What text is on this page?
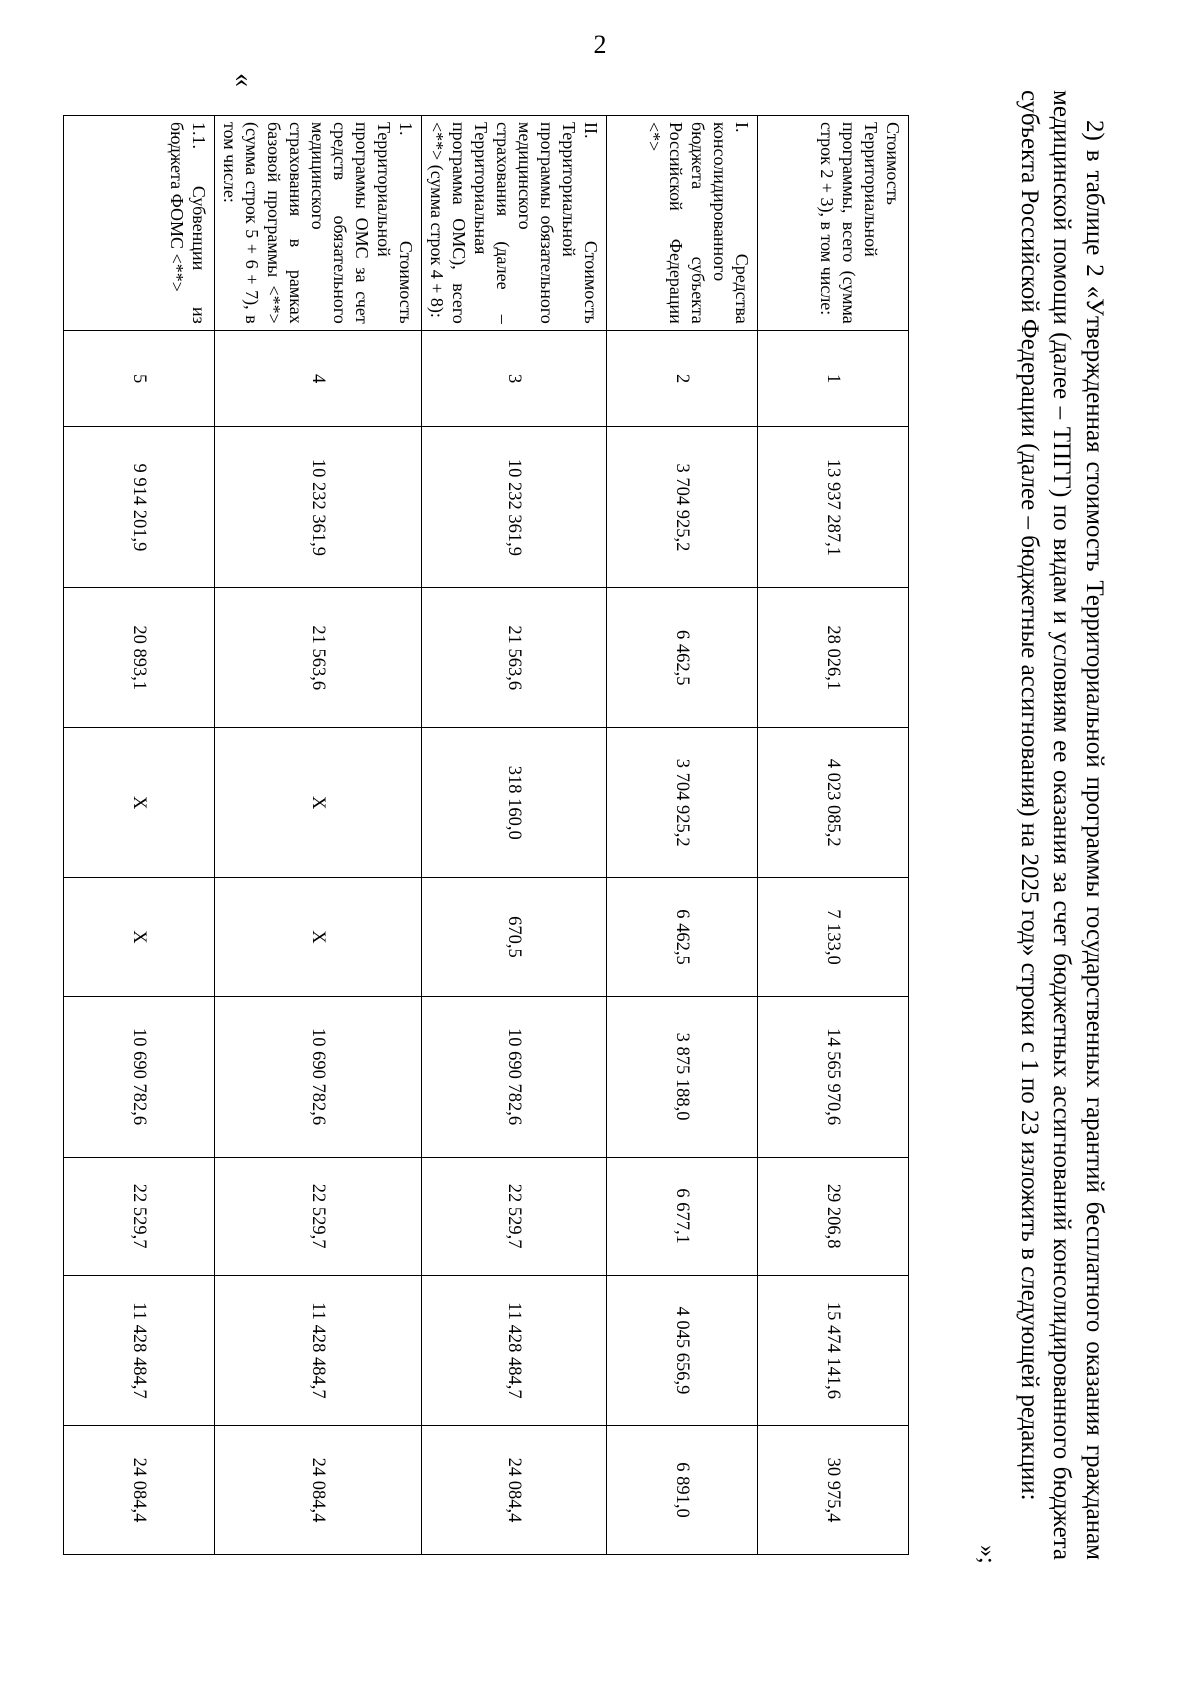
2
2) в таблице 2 «Утвержденная стоимость Территориальной программы государственных гарантий бесплатного оказания гражданам медицинской помощи (далее – ТПГГ) по видам и условиям ее оказания за счет бюджетных ассигнований консолидированного бюджета субъекта Российской Федерации (далее – бюджетные ассигнования) на 2025 год» строки с 1 по 23 изложить в следующей редакции:
»;
«
Стоимость Территориальной программы, всего (сумма строк 2 + 3), в том числе:	1	13 937 287,1	28 026,1	4 023 085,2	7 133,0	14 565 970,6	29 206,8	15 474 141,6	30 975,4
I. Средства консолидированного бюджета субъекта Российской Федерации <*>	2	3 704 925,2	6 462,5	3 704 925,2	6 462,5	3 875 188,0	6 677,1	4 045 656,9	6 891,0
II. Стоимость Территориальной программы обязательного медицинского страхования (далее – Территориальная программа ОМС), всего <**> (сумма строк 4 + 8):	3	10 232 361,9	21 563,6	318 160,0	670,5	10 690 782,6	22 529,7	11 428 484,7	24 084,4
1. Стоимость Территориальной программы ОМС за счет средств обязательного медицинского страхования в рамках базовой программы <**> (сумма строк 5 + 6 + 7), в том числе:	4	10 232 361,9	21 563,6	X	X	10 690 782,6	22 529,7	11 428 484,7	24 084,4
1.1. Субвенции из бюджета ФОМС <**>	5	9 914 201,9	20 893,1	X	X	10 690 782,6	22 529,7	11 428 484,7	24 084,4
